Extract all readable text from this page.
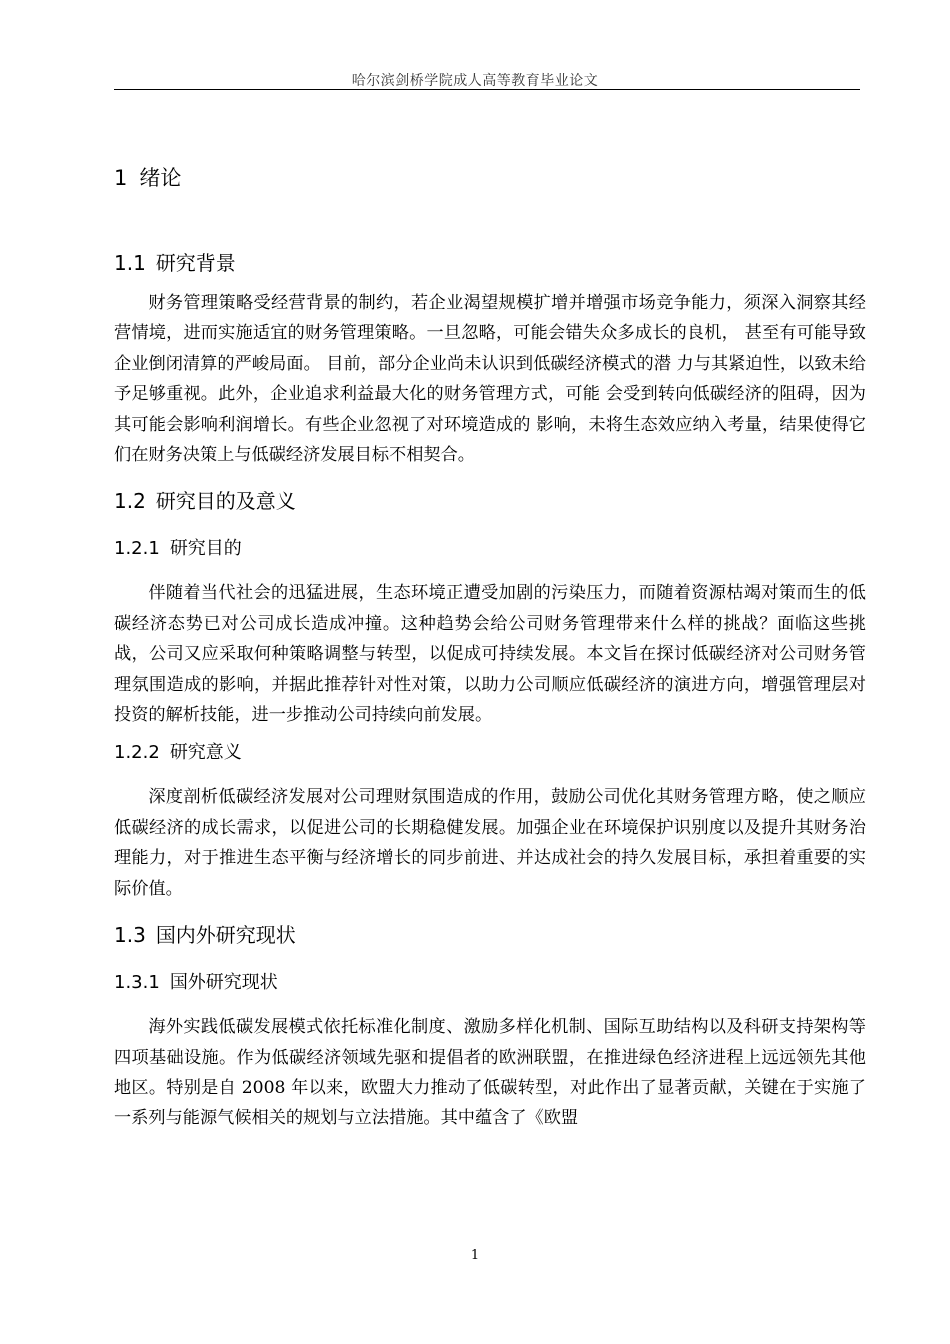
哈尔滨剑桥学院成人高等教育毕业论文
1 绪论
1.1 研究背景

财务管理策略受经营背景的制约，若企业渴望规模扩增并增强市场竞争能力，须深入洞察其经营情境，进而实施适宜的财务管理策略。一旦忽略，可能会错失众多成长的良机， 甚至有可能导致企业倒闭清算的严峻局面。 目前，部分企业尚未认识到低碳经济模式的潜 力与其紧迫性，以致未给予足够重视。此外，企业追求利益最大化的财务管理方式，可能 会受到转向低碳经济的阻碍，因为其可能会影响利润增长。有些企业忽视了对环境造成的 影响，未将生态效应纳入考量，结果使得它们在财务决策上与低碳经济发展目标不相契合。

1.2 研究目的及意义
1.2.1 研究目的

伴随着当代社会的迅猛进展，生态环境正遭受加剧的污染压力，而随着资源枯竭对策而生的低碳经济态势已对公司成长造成冲撞。这种趋势会给公司财务管理带来什么样的挑战？面临这些挑战，公司又应采取何种策略调整与转型，以促成可持续发展。本文旨在探讨低碳经济对公司财务管理氛围造成的影响，并据此推荐针对性对策，以助力公司顺应低碳经济的演进方向，增强管理层对投资的解析技能，进一步推动公司持续向前发展。

1.2.2 研究意义

深度剖析低碳经济发展对公司理财氛围造成的作用，鼓励公司优化其财务管理方略，使之顺应低碳经济的成长需求，以促进公司的长期稳健发展。加强企业在环境保护识别度以及提升其财务治理能力，对于推进生态平衡与经济增长的同步前进、并达成社会的持久发展目标，承担着重要的实际价值。

1.3 国内外研究现状
1.3.1 国外研究现状

海外实践低碳发展模式依托标准化制度、激励多样化机制、国际互助结构以及科研支持架构等四项基础设施。作为低碳经济领域先驱和提倡者的欧洲联盟，在推进绿色经济进程上远远领先其他地区。特别是自 2008 年以来，欧盟大力推动了低碳转型，对此作出了显著贡献，关键在于实施了一系列与能源气候相关的规划与立法措施。其中蕴含了《欧盟

1
